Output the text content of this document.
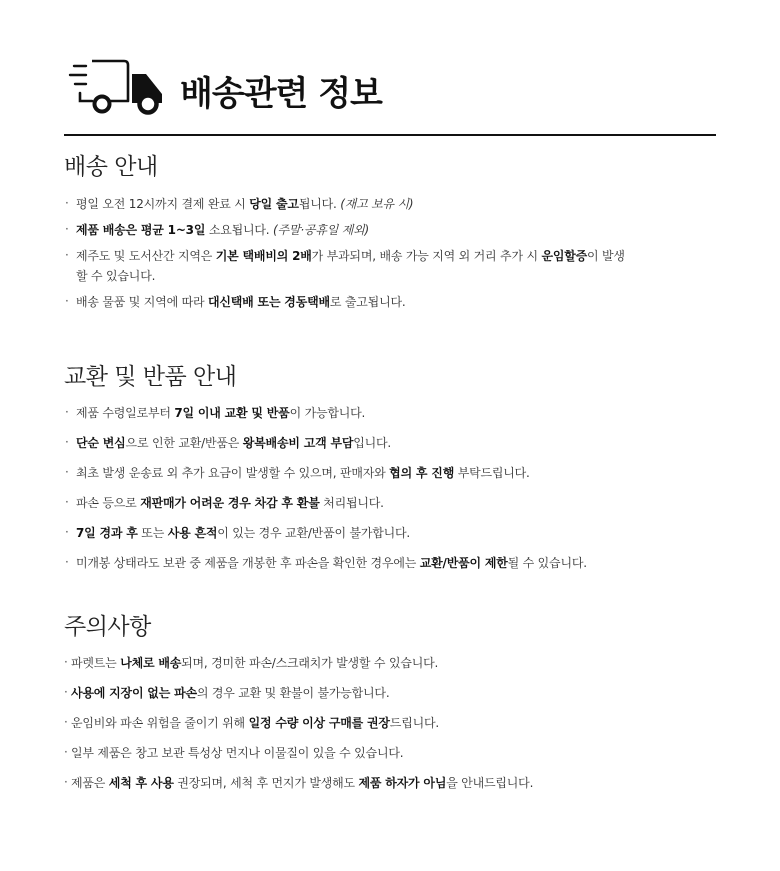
배송관련 정보
배송 안내
· 평일 오전 12시까지 결제 완료 시 당일 출고됩니다. (재고 보유 시)
· 제품 배송은 평균 1~3일 소요됩니다. (주말·공휴일 제외)
· 제주도 및 도서산간 지역은 기본 택배비의 2배가 부과되며, 배송 가능 지역 외 거리 추가 시 운임할증이 발생할 수 있습니다.
· 배송 물품 및 지역에 따라 대신택배 또는 경동택배로 출고됩니다.
교환 및 반품 안내
· 제품 수령일로부터 7일 이내 교환 및 반품이 가능합니다.
· 단순 변심으로 인한 교환/반품은 왕복배송비 고객 부담입니다.
· 최초 발생 운송료 외 추가 요금이 발생할 수 있으며, 판매자와 협의 후 진행 부탁드립니다.
· 파손 등으로 재판매가 어려운 경우 차감 후 환불 처리됩니다.
· 7일 경과 후 또는 사용 흔적이 있는 경우 교환/반품이 불가합니다.
· 미개봉 상태라도 보관 중 제품을 개봉한 후 파손을 확인한 경우에는 교환/반품이 제한될 수 있습니다.
주의사항
· 파렛트는 나체로 배송되며, 경미한 파손/스크래치가 발생할 수 있습니다.
· 사용에 지장이 없는 파손의 경우 교환 및 환불이 불가능합니다.
· 운임비와 파손 위험을 줄이기 위해 일정 수량 이상 구매를 권장드립니다.
· 일부 제품은 창고 보관 특성상 먼지나 이물질이 있을 수 있습니다.
· 제품은 세척 후 사용 권장되며, 세척 후 먼지가 발생해도 제품 하자가 아님을 안내드립니다.
